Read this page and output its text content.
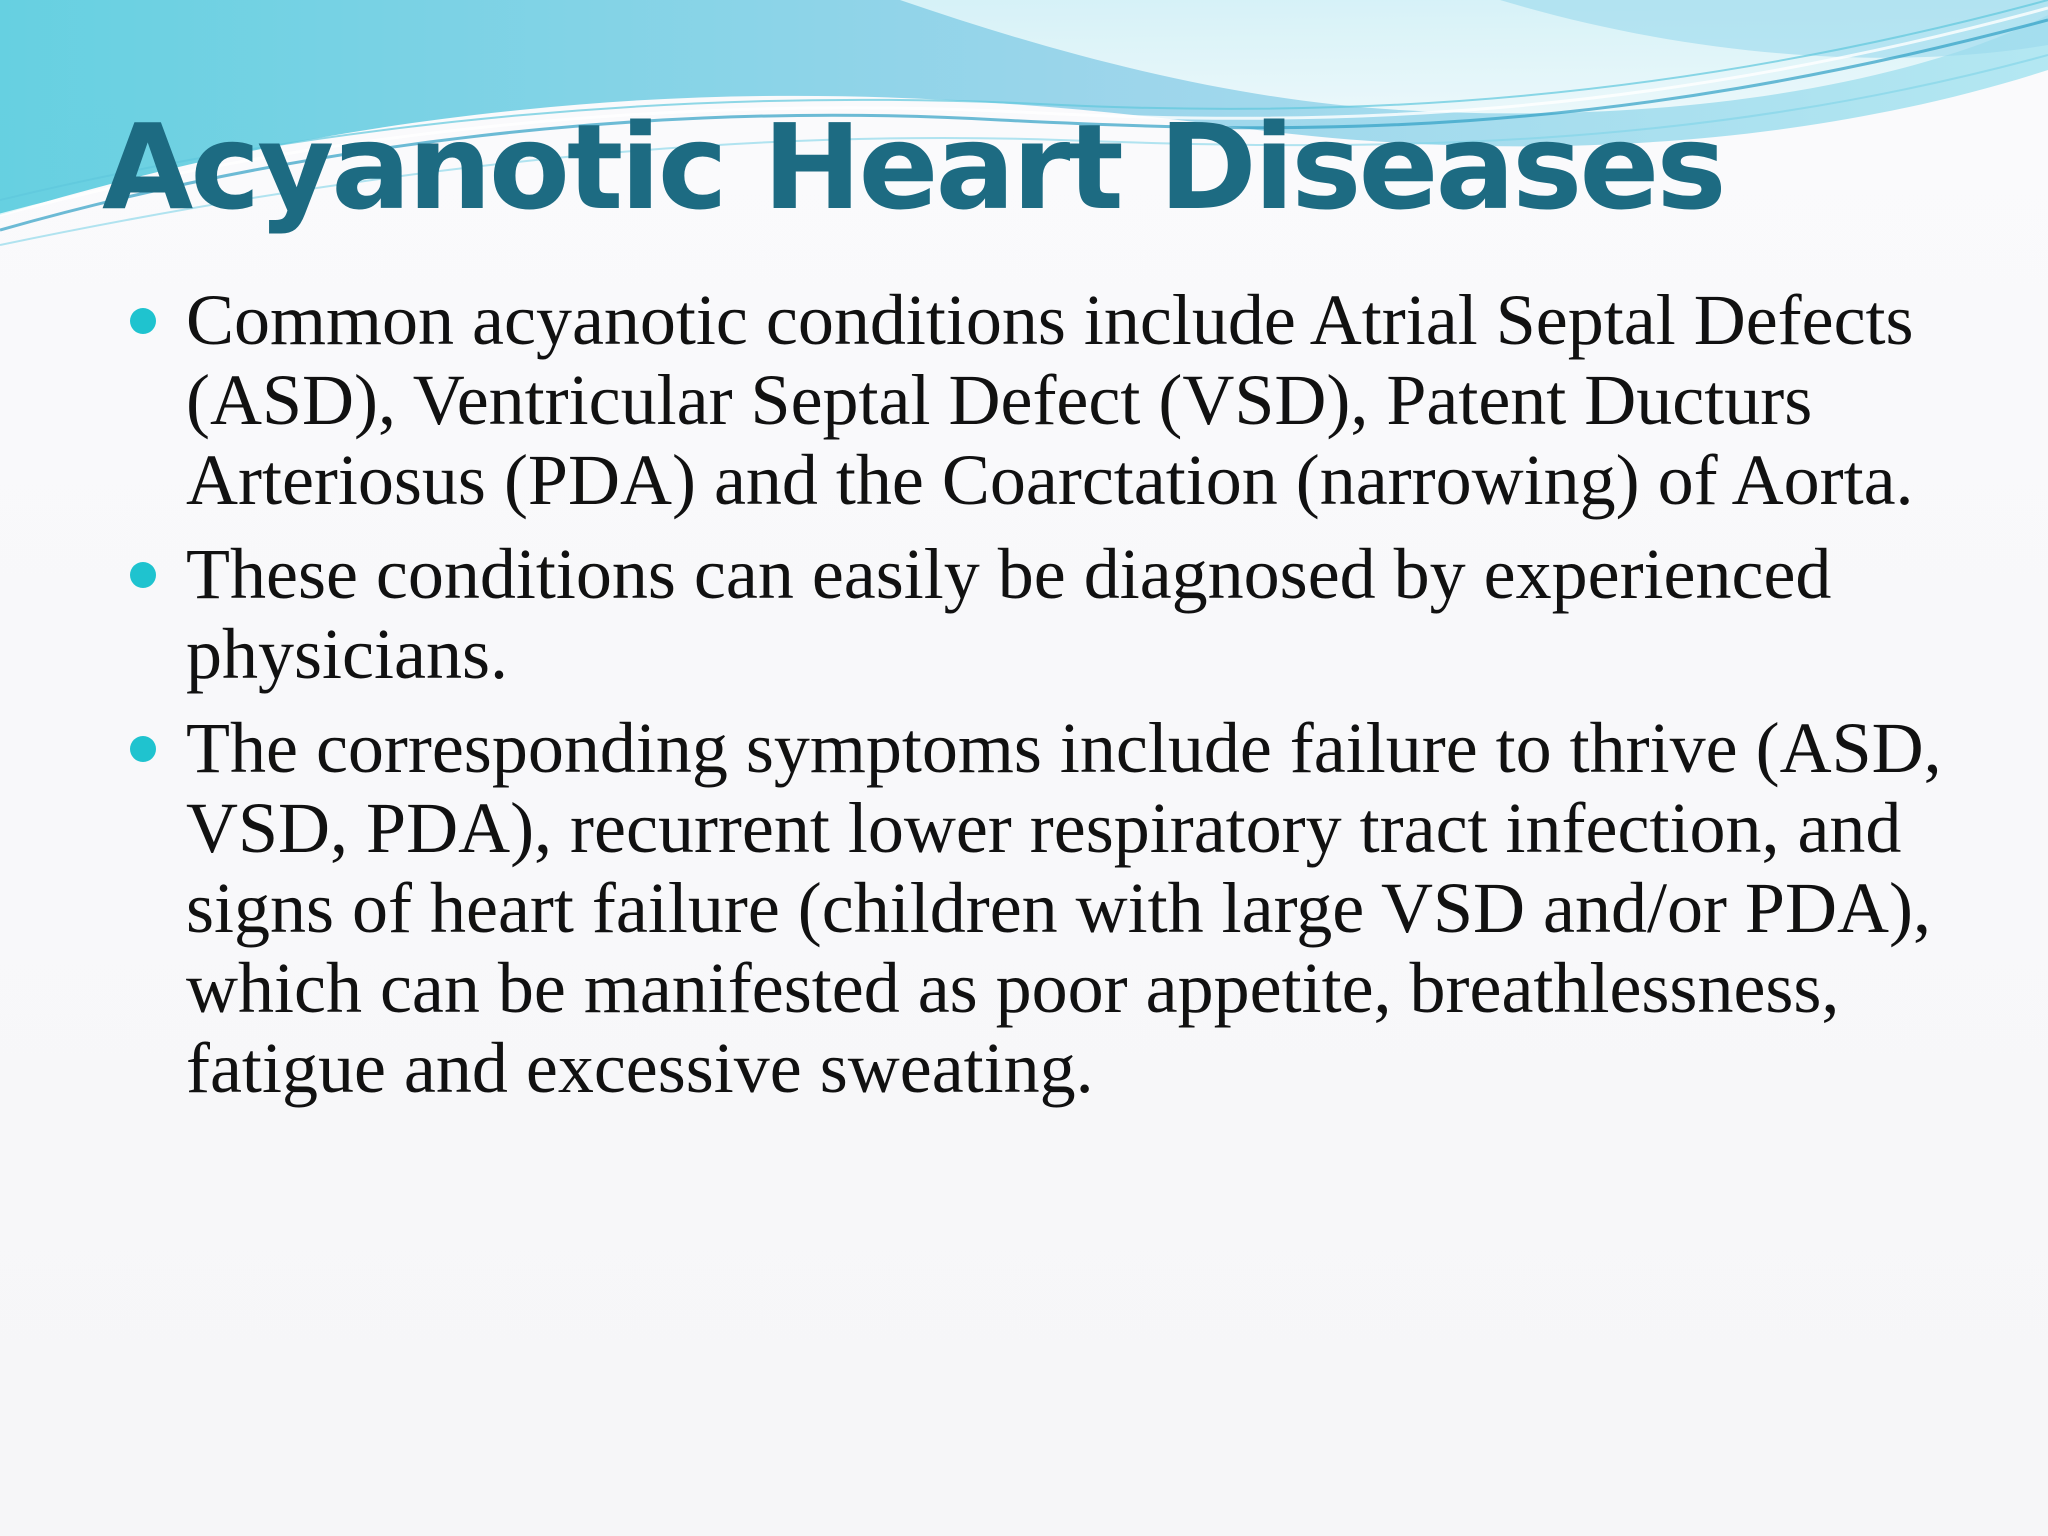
Acyanotic Heart Diseases
Common acyanotic conditions include Atrial Septal Defects (ASD), Ventricular Septal Defect (VSD), Patent Ducturs Arteriosus (PDA) and the Coarctation (narrowing) of Aorta.
These conditions can easily be diagnosed by experienced physicians.
The corresponding symptoms include failure to thrive (ASD, VSD, PDA), recurrent lower respiratory tract infection, and signs of heart failure (children with large VSD and/or PDA), which can be manifested as poor appetite, breathlessness, fatigue and excessive sweating.
